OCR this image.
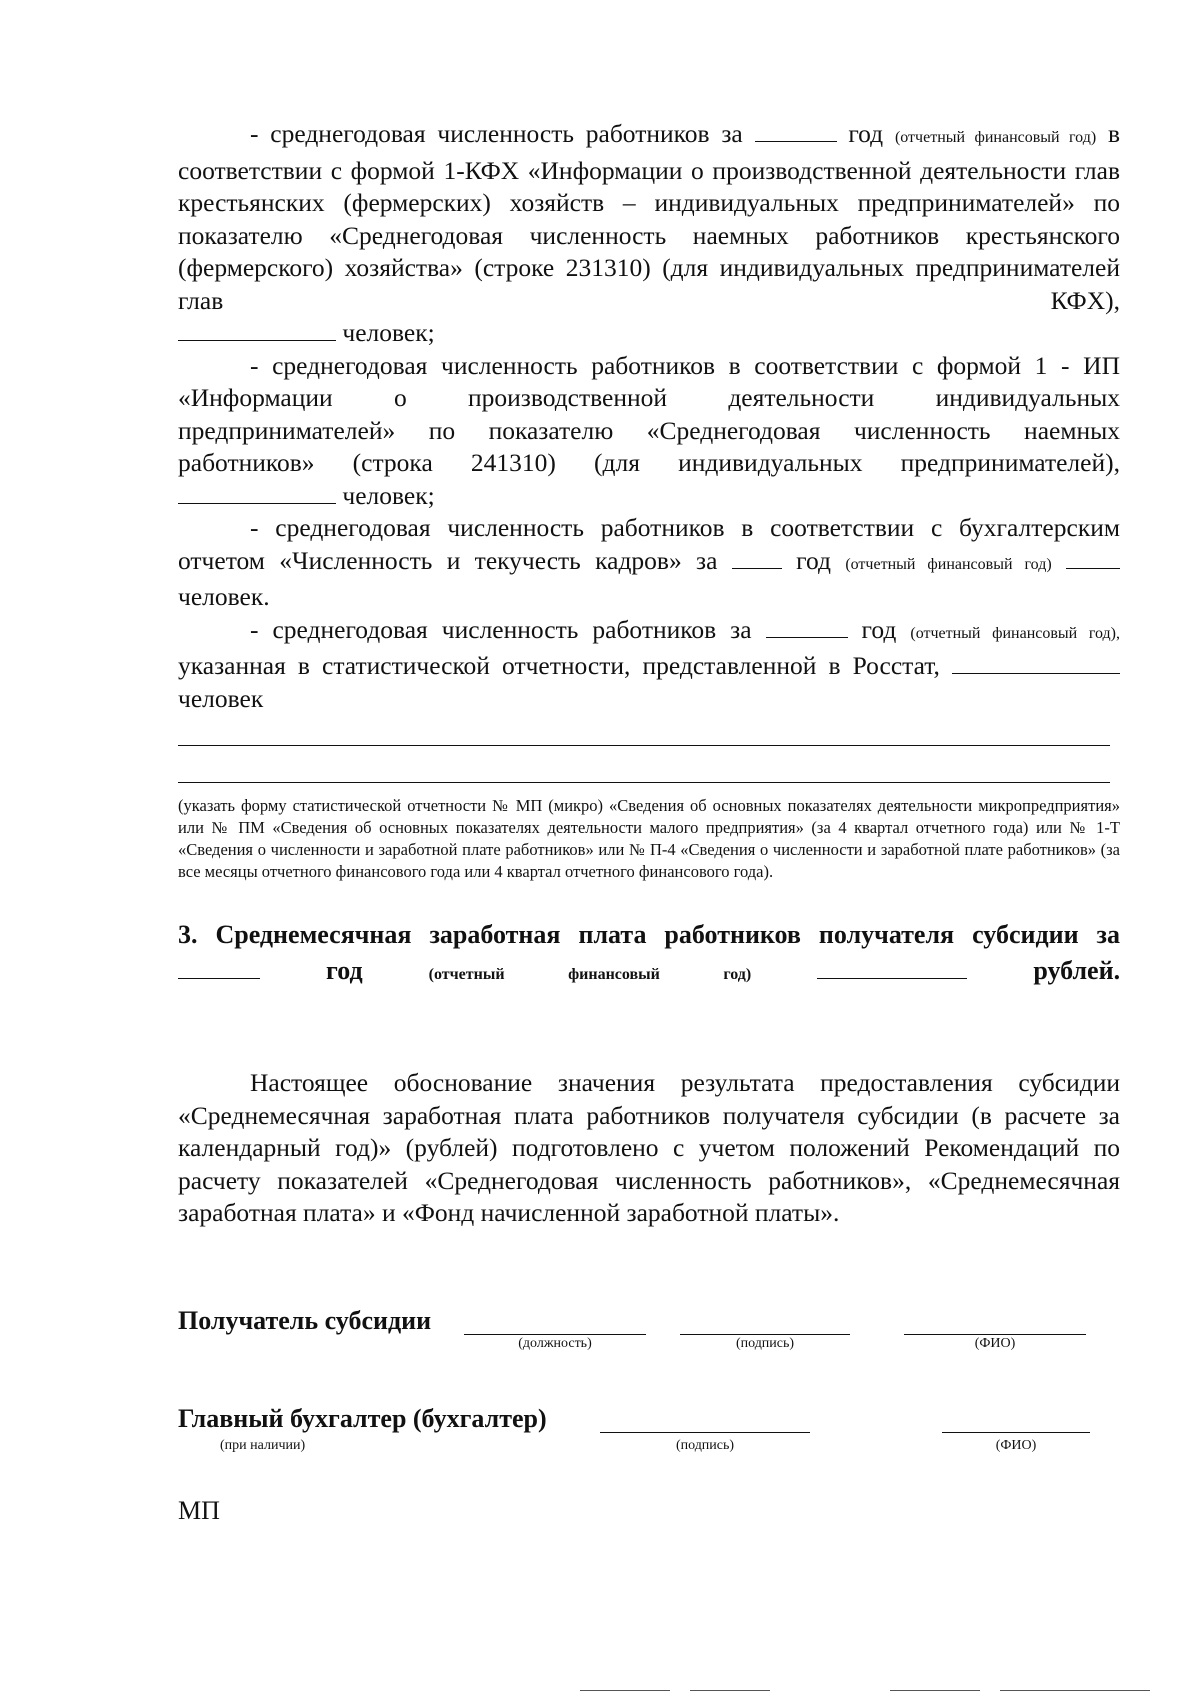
- среднегодовая численность работников за	год (отчетный финансовый год) в соответствии с формой 1-КФХ «Информации о производственной деятельности глав крестьянских (фермерских) хозяйств – индивидуальных предпринимателей» по показателю «Среднегодовая численность наемных работников крестьянского (фермерского) хозяйства» (строке 231310) (для индивидуальных предпринимателей глав КФХ),

человек;

- среднегодовая численность работников в соответствии с формой 1 - ИП «Информации о производственной деятельности индивидуальных предпринимателей» по показателю «Среднегодовая численность наемных работников» (строка 241310) (для индивидуальных предпринимателей),

человек;

- среднегодовая численность работников в соответствии с бухгалтерским отчетом «Численность и текучесть кадров» за	год (отчетный финансовый год)  человек.

- среднегодовая численность работников за	год (отчетный финансовый год), указанная в статистической отчетности, представленной в Росстат,  человек

(указать форму статистической отчетности № МП (микро) «Сведения об основных показателях деятельности микропредприятия» или № ПМ «Сведения об основных показателях деятельности малого предприятия» (за 4 квартал отчетного года) или № 1-Т «Сведения о численности и заработной плате работников» или № П-4 «Сведения о численности и заработной плате работников» (за все месяцы отчетного финансового года или 4 квартал отчетного финансового года).

3. Среднемесячная заработная плата работников получателя субсидии за  год	(отчетный финансовый год)	рублей.

Настоящее обоснование значения результата предоставления субсидии «Среднемесячная заработная плата работников получателя субсидии (в расчете за календарный год)» (рублей) подготовлено с учетом положений Рекомендаций по расчету показателей «Среднегодовая численность работников», «Среднемесячная заработная плата» и «Фонд начисленной заработной платы».

Получатель субсидии
(должность)	(подпись)	(ФИО)
Главный бухгалтер (бухгалтер)
(при наличии)	(подпись)	(ФИО)
МП
